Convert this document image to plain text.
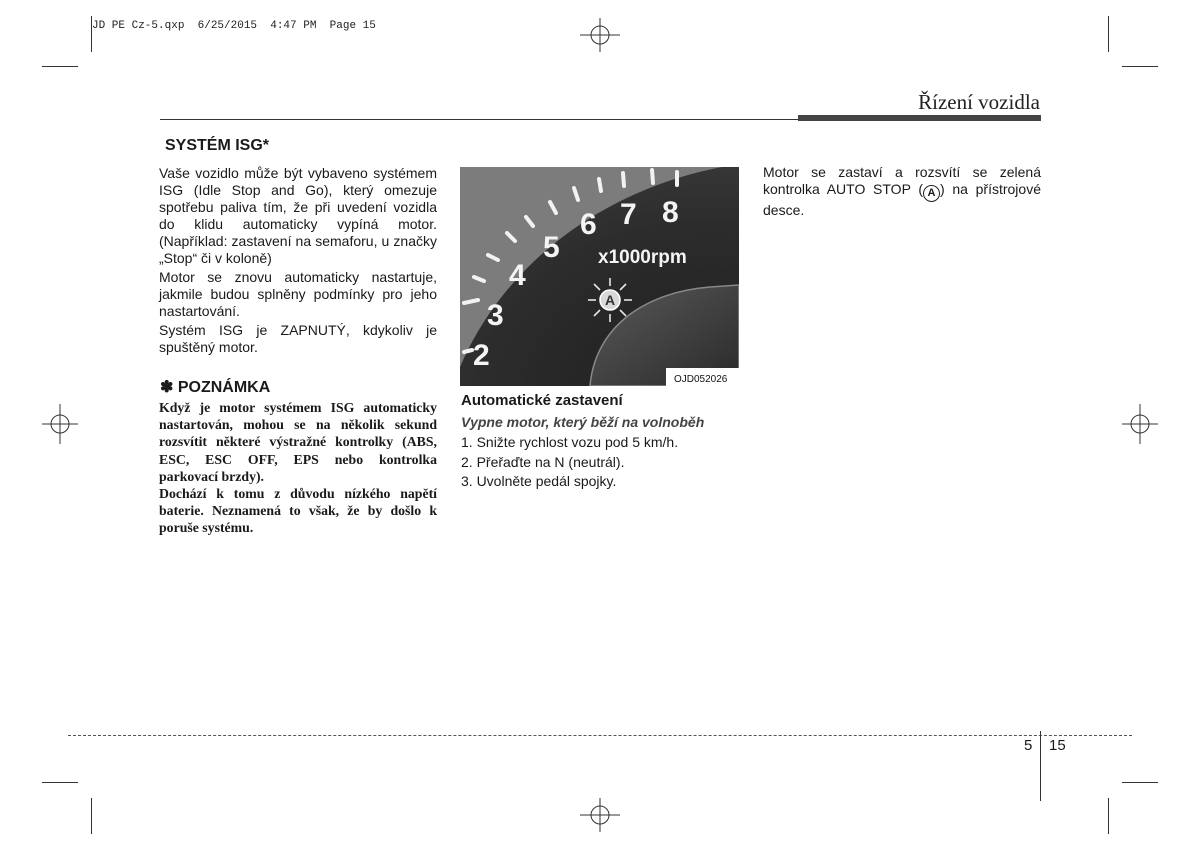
JD PE Cz-5.qxp  6/25/2015  4:47 PM  Page 15
Řízení vozidla
SYSTÉM ISG*

Vaše vozidlo může být vybaveno systémem ISG (Idle Stop and Go), který omezuje spotřebu paliva tím, že při uvedení vozidla do klidu automaticky vypíná motor. (Například: zastavení na semaforu, u značky „Stop“ či v koloně)

Motor se znovu automaticky nastartuje, jakmile budou splněny podmínky pro jeho nastartování.

Systém ISG je ZAPNUTÝ, kdykoliv je spuštěný motor.

✽ POZNÁMKA

Když je motor systémem ISG automaticky nastartován, mohou se na několik sekund rozsvítit některé výstražné kontrolky (ABS, ESC, ESC OFF, EPS nebo kontrolka parkovací brzdy).

Dochází k tomu z důvodu nízkého napětí baterie. Neznamená to však, že by došlo k poruše systému.

2
3
4
5
6 7 8
x1000rpm
A
OJD052026
Automatické zastavení
Vypne motor, který běží na volnoběh
1. Snižte rychlost vozu pod 5 km/h.
2. Přeřaďte na N (neutrál).
3. Uvolněte pedál spojky.
Motor se zastaví a rozsvítí se zelená kontrolka AUTO STOP ( A ) na přístrojové desce.
5 15
